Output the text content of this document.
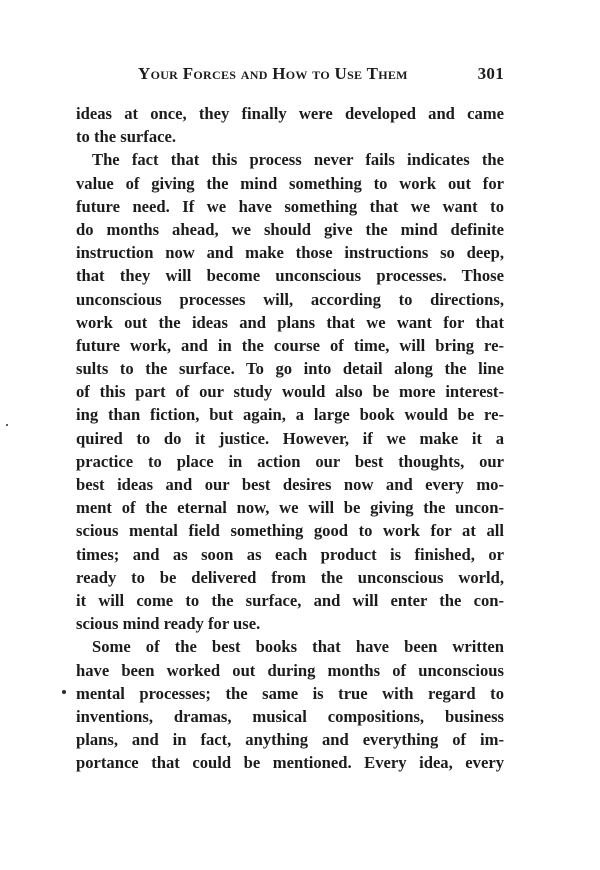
Your Forces and How to Use Them	301
ideas at once, they finally were developed and came
to the surface.
The fact that this process never fails indicates the
value of giving the mind something to work out for
future need. If we have something that we want to
do months ahead, we should give the mind definite
instruction now and make those instructions so deep,
that they will become unconscious processes. Those
unconscious processes will, according to directions,
work out the ideas and plans that we want for that
future work, and in the course of time, will bring re-
sults to the surface. To go into detail along the line
of this part of our study would also be more interest-
ing than fiction, but again, a large book would be re-
quired to do it justice. However, if we make it a
practice to place in action our best thoughts, our
best ideas and our best desires now and every mo-
ment of the eternal now, we will be giving the uncon-
scious mental field something good to work for at all
times; and as soon as each product is finished, or
ready to be delivered from the unconscious world,
it will come to the surface, and will enter the con-
scious mind ready for use.
Some of the best books that have been written
have been worked out during months of unconscious
mental processes; the same is true with regard to
inventions, dramas, musical compositions, business
plans, and in fact, anything and everything of im-
portance that could be mentioned. Every idea, every
